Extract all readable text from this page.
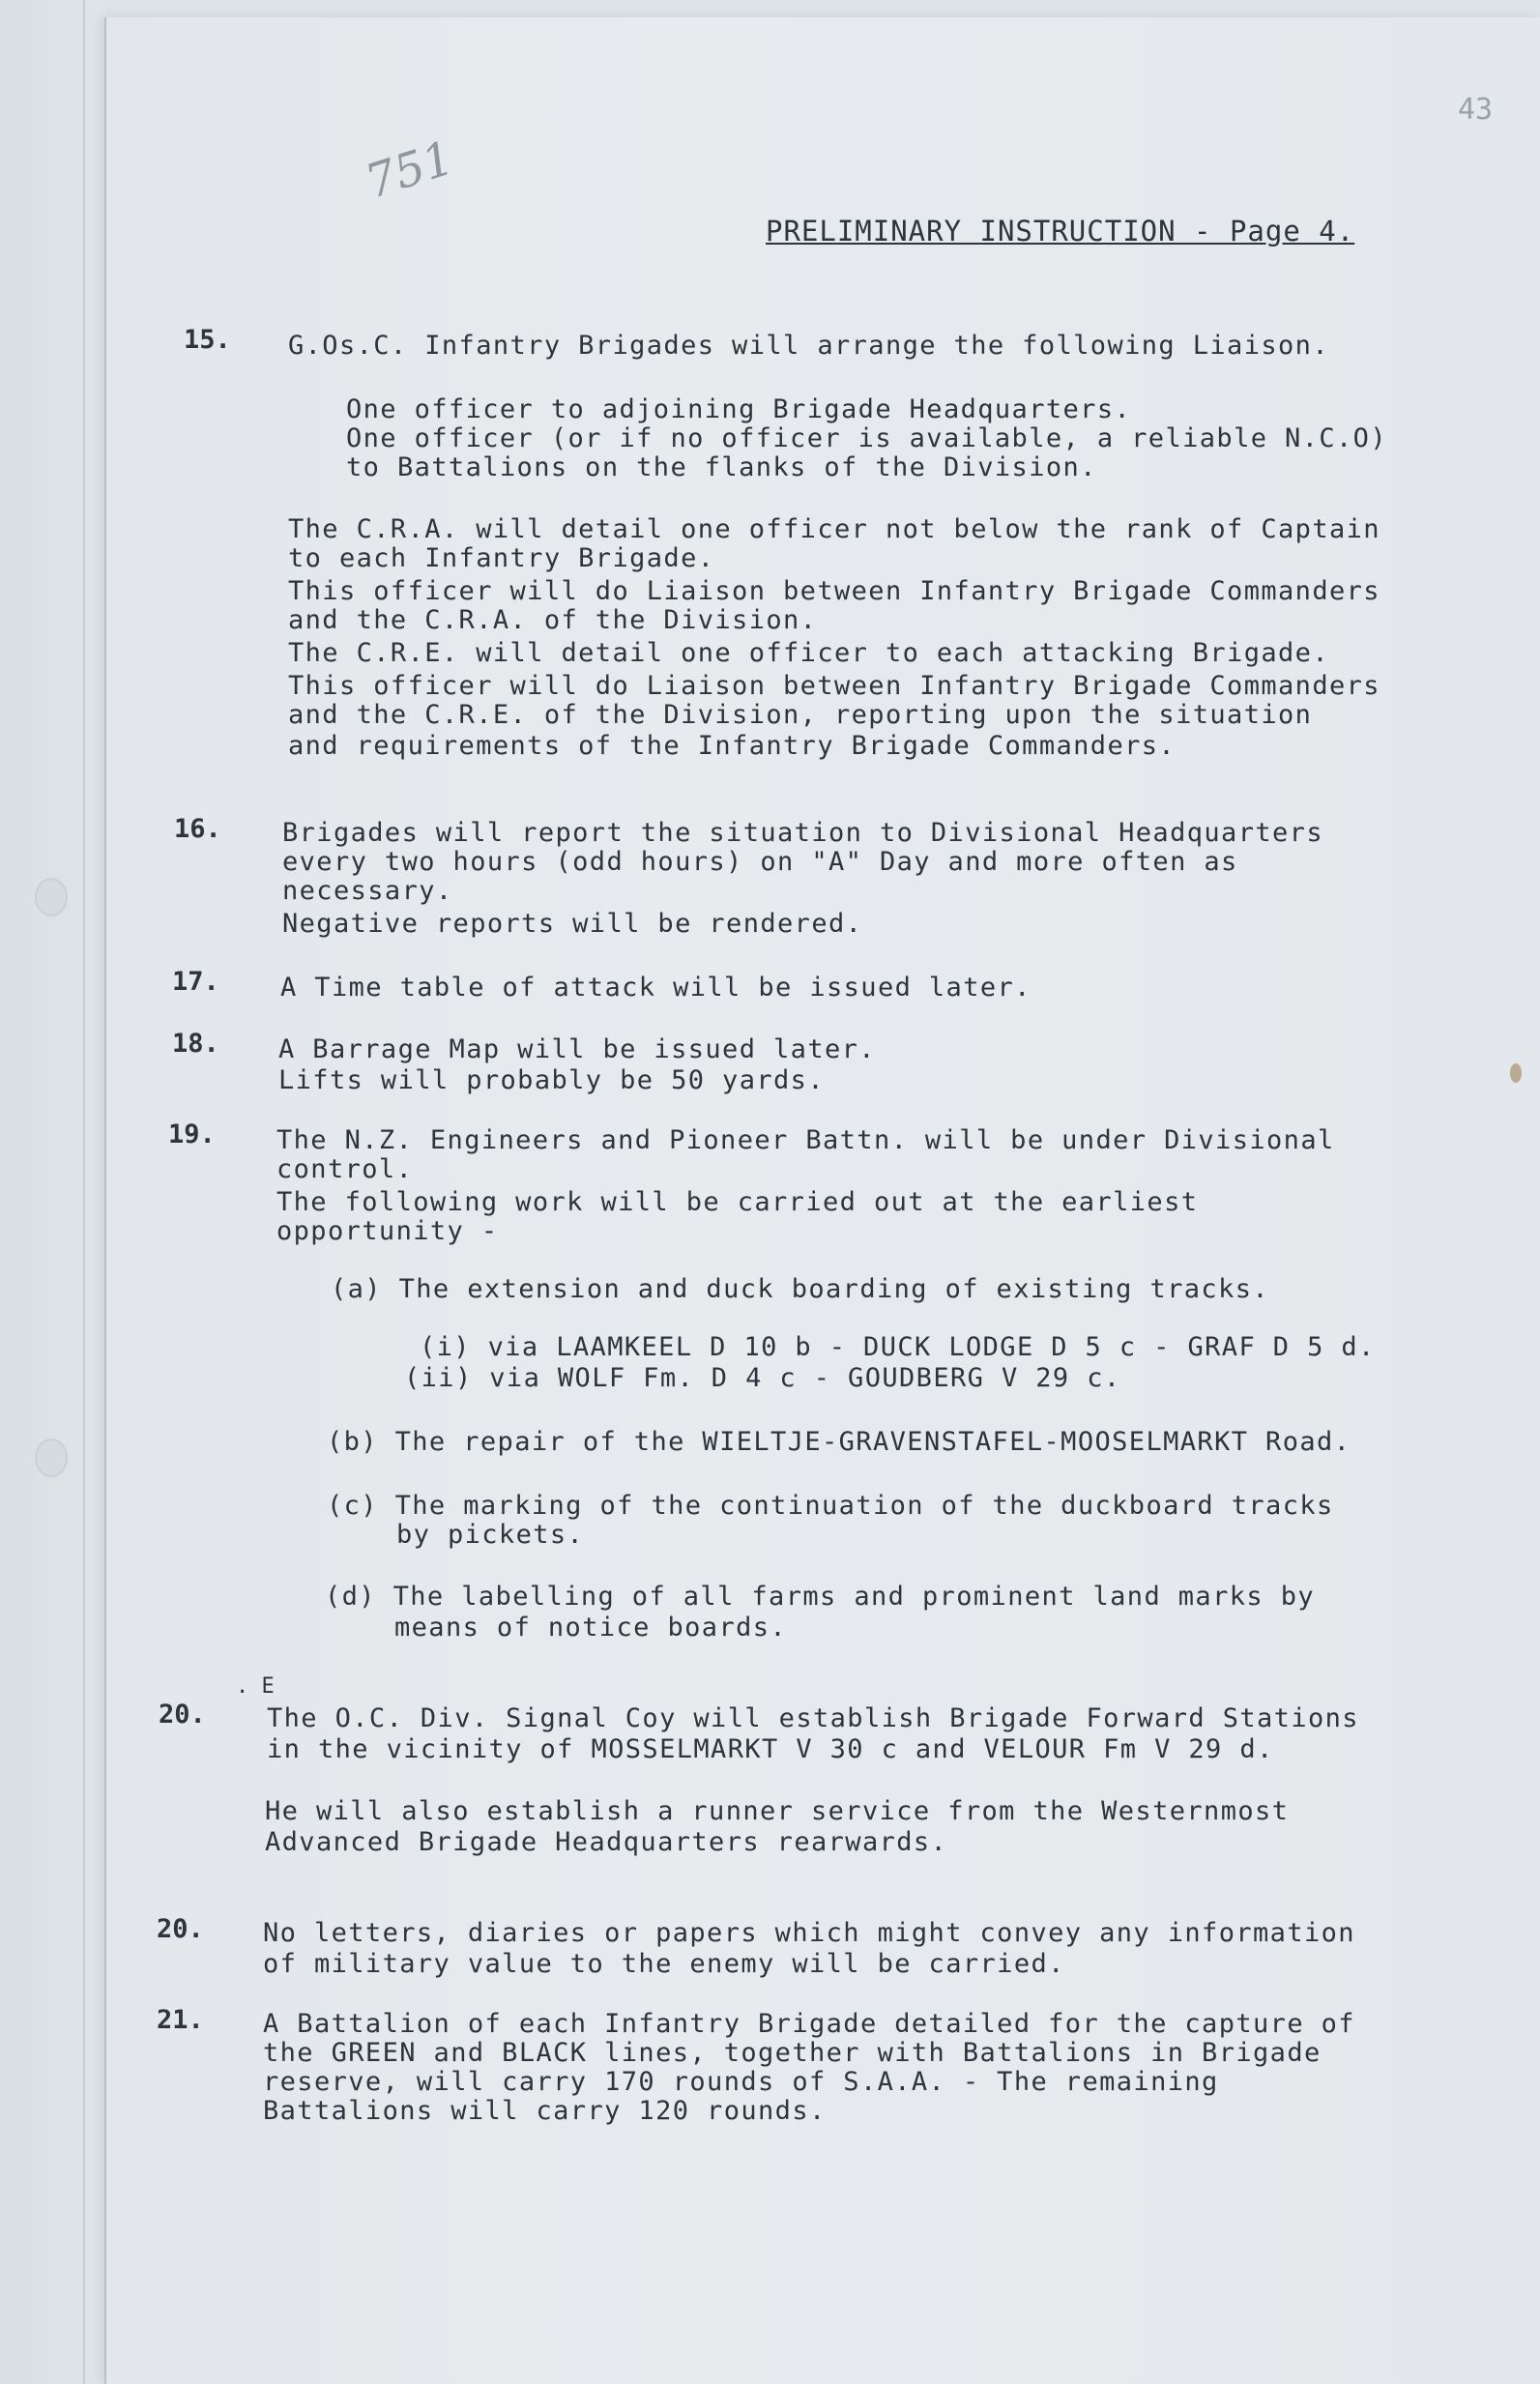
43
751
PRELIMINARY INSTRUCTION - Page 4.
15. G.Os.C. Infantry Brigades will arrange the following Liaison.
One officer to adjoining Brigade Headquarters.
One officer (or if no officer is available, a reliable N.C.O)
to Battalions on the flanks of the Division.
The C.R.A. will detail one officer not below the rank of Captain
to each Infantry Brigade.
This officer will do Liaison between Infantry Brigade Commanders
and the C.R.A. of the Division.
The C.R.E. will detail one officer to each attacking Brigade.
This officer will do Liaison between Infantry Brigade Commanders
and the C.R.E. of the Division, reporting upon the situation
and requirements of the Infantry Brigade Commanders.
16. Brigades will report the situation to Divisional Headquarters
every two hours (odd hours) on "A" Day and more often as
necessary.
Negative reports will be rendered.
17. A Time table of attack will be issued later.
18. A Barrage Map will be issued later.
Lifts will probably be 50 yards.
19. The N.Z. Engineers and Pioneer Battn. will be under Divisional
control.
The following work will be carried out at the earliest
opportunity -
(a) The extension and duck boarding of existing tracks.
(i) via LAAMKEEL D 10 b - DUCK LODGE D 5 c - GRAF D 5 d.
(ii) via WOLF Fm. D 4 c - GOUDBERG V 29 c.
(b) The repair of the WIELTJE-GRAVENSTAFEL-MOOSELMARKT Road.
(c) The marking of the continuation of the duckboard tracks
by pickets.
(d) The labelling of all farms and prominent land marks by
means of notice boards.
. E
20. The O.C. Div. Signal Coy will establish Brigade Forward Stations
in the vicinity of MOSSELMARKT V 30 c and VELOUR Fm V 29 d.
He will also establish a runner service from the Westernmost
Advanced Brigade Headquarters rearwards.
20. No letters, diaries or papers which might convey any information
of military value to the enemy will be carried.
21. A Battalion of each Infantry Brigade detailed for the capture of
the GREEN and BLACK lines, together with Battalions in Brigade
reserve, will carry 170 rounds of S.A.A. - The remaining
Battalions will carry 120 rounds.
